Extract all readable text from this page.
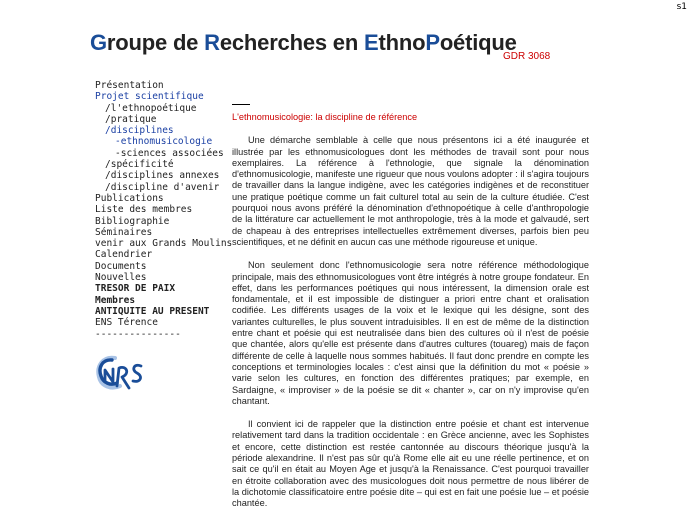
s1
Groupe de Recherches en EthnoPoétique
GDR 3068
Présentation
Projet scientifique
/l'ethnopoétique
/pratique
/disciplines
-ethnomusicologie
-sciences associées
/spécificité
/disciplines annexes
/discipline d'avenir
Publications
Liste des membres
Bibliographie
Séminaires
venir aux Grands Moulins
Calendrier
Documents
Nouvelles
TRESOR DE PAIX
Membres
ANTIQUITE AU PRESENT
ENS Térence
---------------
L'ethnomusicologie: la discipline de référence

Une démarche semblable à celle que nous présentons ici a été inaugurée et illustrée par les ethnomusicologues dont les méthodes de travail sont pour nous exemplaires. La référence à l'ethnologie, que signale la dénomination d'ethnomusicologie, manifeste une rigueur que nous voulons adopter : il s'agira toujours de travailler dans la langue indigène, avec les catégories indigènes et de reconstituer une pratique poétique comme un fait culturel total au sein de la culture étudiée. C'est pourquoi nous avons préféré la dénomination d'ethnopoétique à celle d'anthropologie de la littérature car actuellement le mot anthropologie, très à la mode et galvaudé, sert de chapeau à des entreprises intellectuelles extrêmement diverses, parfois bien peu scientifiques, et ne définit en aucun cas une méthode rigoureuse et unique.

Non seulement donc l'ethnomusicologie sera notre référence méthodologique principale, mais des ethnomusicologues vont être intégrés à notre groupe fondateur. En effet, dans les performances poétiques qui nous intéressent, la dimension orale est fondamentale, et il est impossible de distinguer a priori entre chant et oralisation codifiée. Les différents usages de la voix et le lexique qui les désigne, sont des variantes culturelles, le plus souvent intraduisibles. Il en est de même de la distinction entre chant et poésie qui est neutralisée dans bien des cultures où il n'est de poésie que chantée, alors qu'elle est présente dans d'autres cultures (touareg) mais de façon différente de celle à laquelle nous sommes habitués. Il faut donc prendre en compte les conceptions et terminologies locales : c'est ainsi que la définition du mot « poésie » varie selon les cultures, en fonction des différentes pratiques; par exemple, en Sardaigne, « improviser » de la poésie se dit « chanter », car on n'y improvise qu'en chantant.

Il convient ici de rappeler que la distinction entre poésie et chant est intervenue relativement tard dans la tradition occidentale : en Grèce ancienne, avec les Sophistes et encore, cette distinction est restée cantonnée au discours théorique jusqu'à la période alexandrine. Il n'est pas sûr qu'à Rome elle ait eu une réelle pertinence, et on sait ce qu'il en était au Moyen Age et jusqu'à la Renaissance. C'est pourquoi travailler en étroite collaboration avec des musicologues doit nous permettre de nous libérer de la dichotomie classificatoire entre poésie dite – qui est en fait une poésie lue – et poésie chantée.
